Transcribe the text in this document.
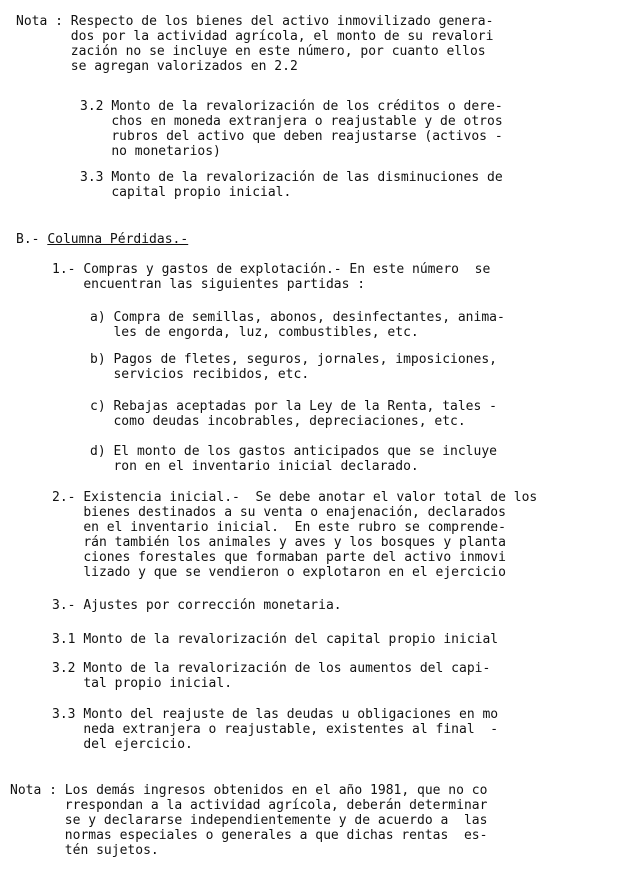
Nota : Respecto de los bienes del activo inmovilizado genera-
dos por la actividad agrícola, el monto de su revalori
zación no se incluye en este número, por cuanto ellos
se agregan valorizados en 2.2
3.2 Monto de la revalorización de los créditos o dere-
chos en moneda extranjera o reajustable y de otros
rubros del activo que deben reajustarse (activos -
no monetarios)
3.3 Monto de la revalorización de las disminuciones de
capital propio inicial.
B.- Columna Pérdidas.-
1.- Compras y gastos de explotación.- En este número  se
encuentran las siguientes partidas :
a) Compra de semillas, abonos, desinfectantes, anima-
les de engorda, luz, combustibles, etc.
b) Pagos de fletes, seguros, jornales, imposiciones,
servicios recibidos, etc.
c) Rebajas aceptadas por la Ley de la Renta, tales -
como deudas incobrables, depreciaciones, etc.
d) El monto de los gastos anticipados que se incluye
ron en el inventario inicial declarado.
2.- Existencia inicial.-  Se debe anotar el valor total de los
bienes destinados a su venta o enajenación, declarados
en el inventario inicial.  En este rubro se comprende-
rán también los animales y aves y los bosques y planta
ciones forestales que formaban parte del activo inmovi
lizado y que se vendieron o explotaron en el ejercicio
3.- Ajustes por corrección monetaria.
3.1 Monto de la revalorización del capital propio inicial
3.2 Monto de la revalorización de los aumentos del capi-
tal propio inicial.
3.3 Monto del reajuste de las deudas u obligaciones en mo
neda extranjera o reajustable, existentes al final  -
del ejercicio.
Nota : Los demás ingresos obtenidos en el año 1981, que no co
rrespondan a la actividad agrícola, deberán determinar
se y declararse independientemente y de acuerdo a  las
normas especiales o generales a que dichas rentas  es-
tén sujetos.
